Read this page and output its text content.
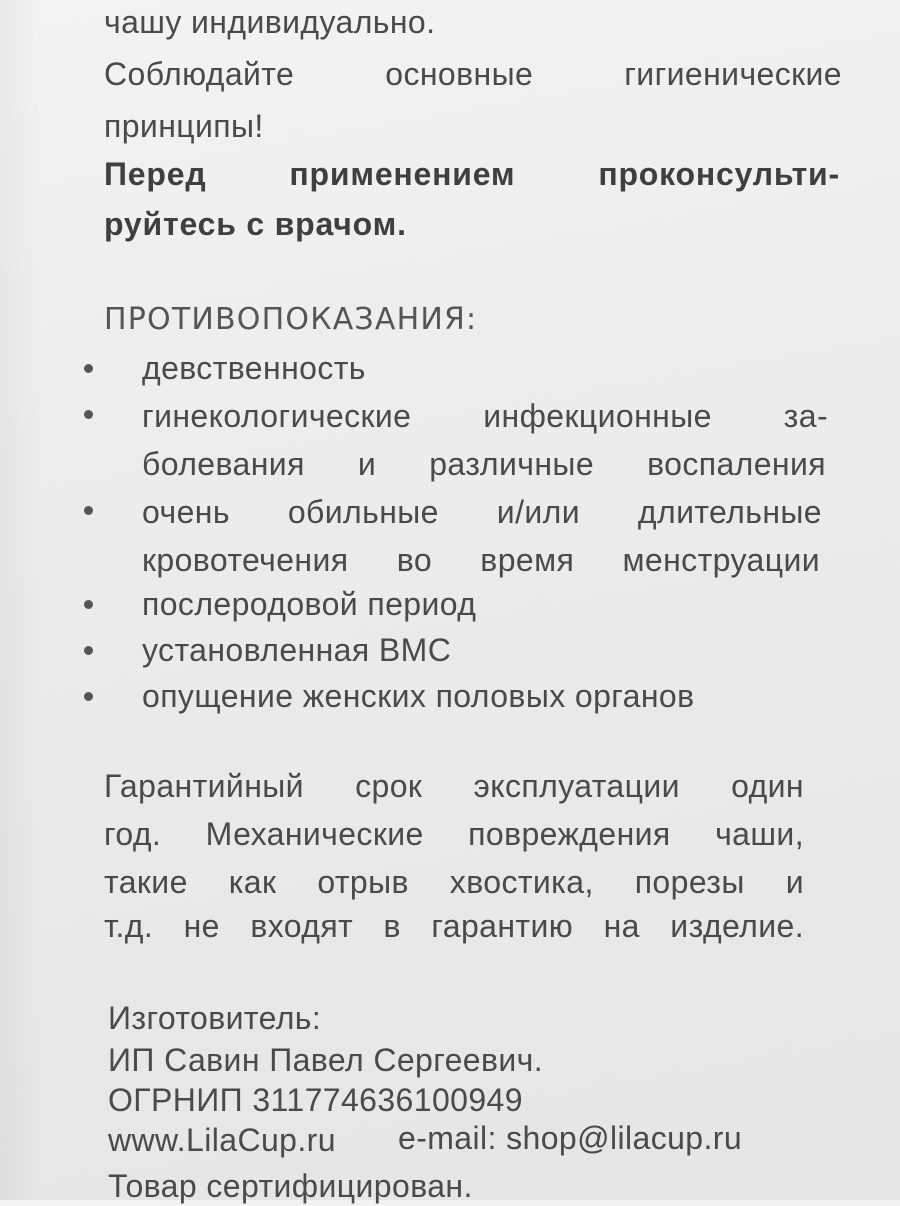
чашу индивидуально.
Соблюдайте основные гигиенические
принципы!
Перед применением проконсульти-
руйтесь с врачом.
ПРОТИВОПОКАЗАНИЯ:
девственность
гинекологические инфекционные за-
болевания и различные воспаления
очень обильные и/или длительные
кровотечения во время менструации
послеродовой период
установленная ВМС
опущение женских половых органов
Гарантийный срок эксплуатации один
год. Механические повреждения чаши,
такие как отрыв хвостика, порезы и
т.д. не входят в гарантию на изделие.
Изготовитель:
ИП Савин Павел Сергеевич.
ОГРНИП 311774636100949
www.LilaCup.ru e-mail: shop@lilacup.ru
Товар сертифицирован.
